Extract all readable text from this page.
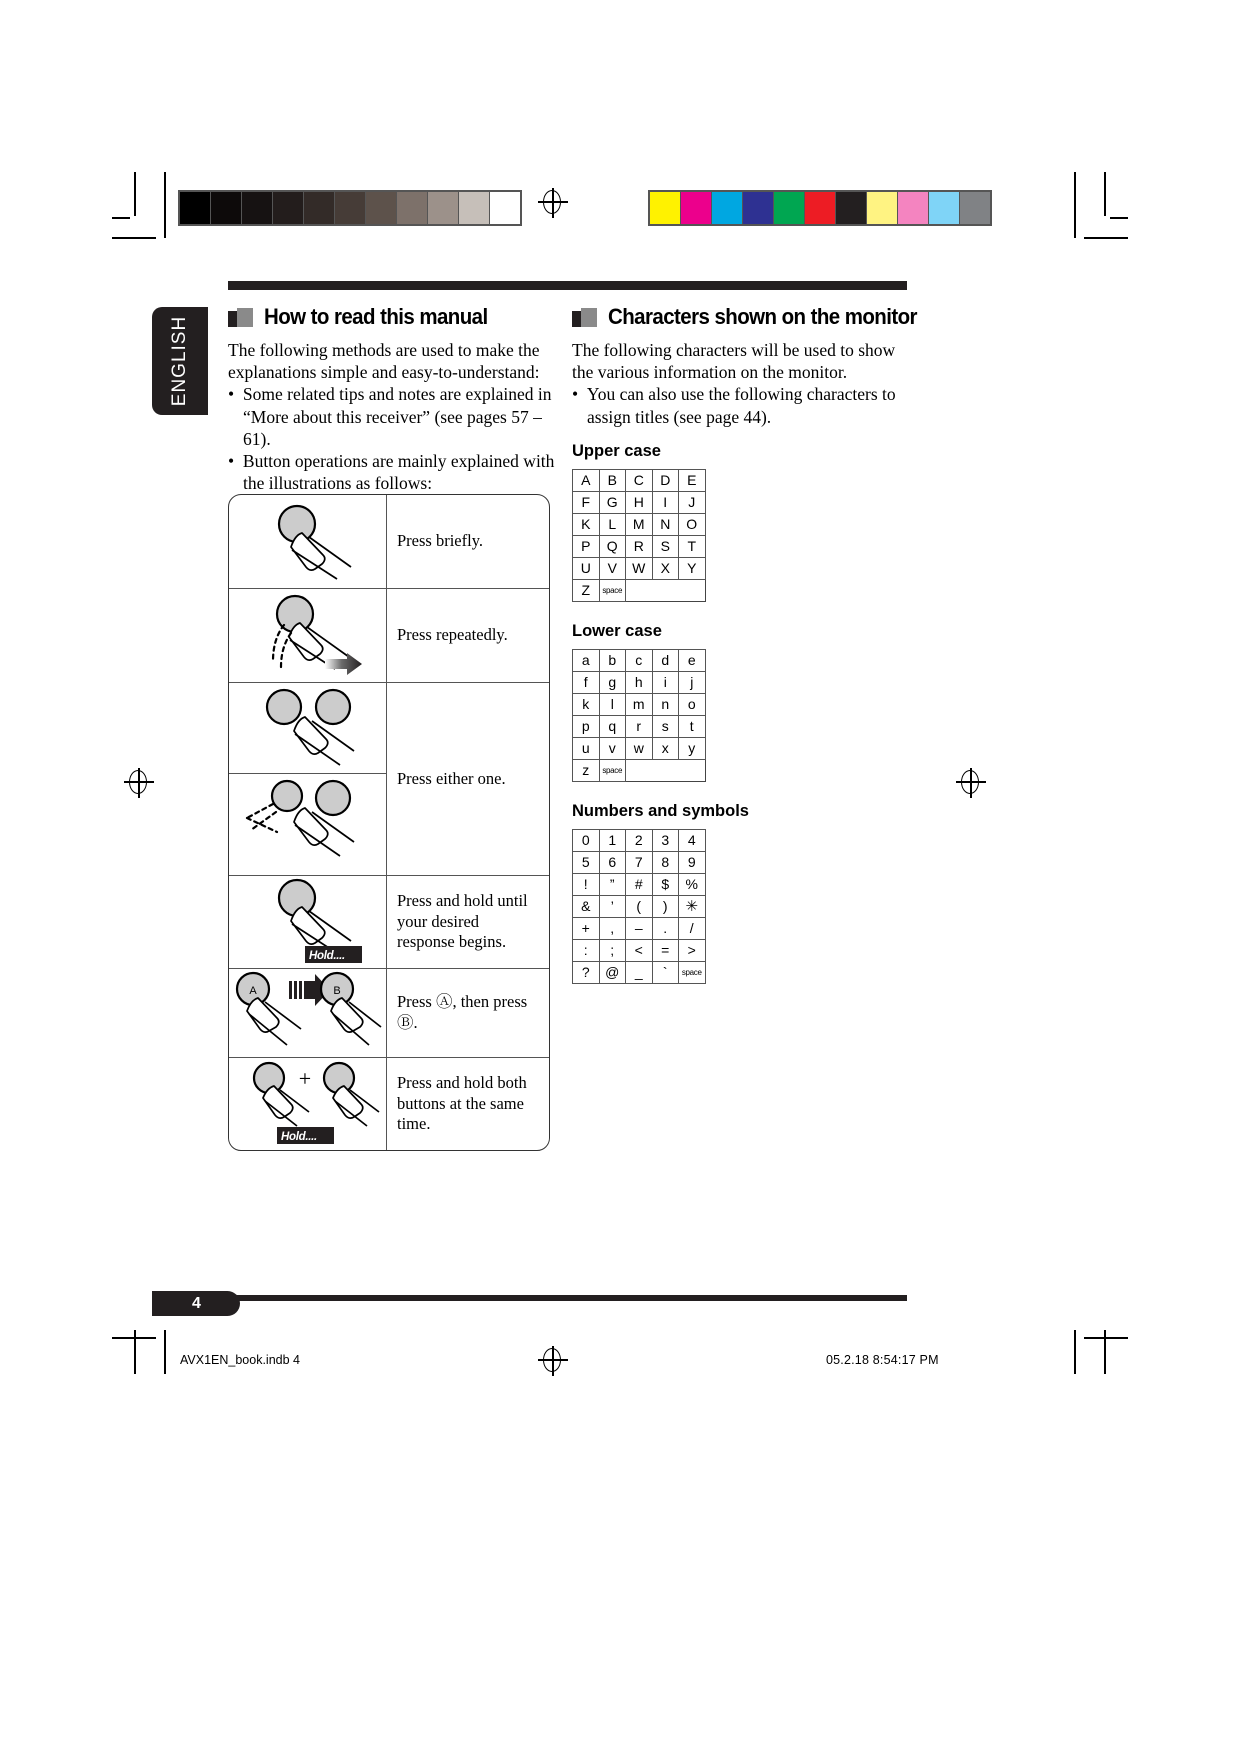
ENGLISH	How to read this manual

The following methods are used to make the explanations simple and easy-to-understand:

•  Some related tips and notes are explained in “More about this receiver” (see pages 57 – 61).
•  Button operations are mainly explained with the illustrations as follows:

Press briefly.

Press repeatedly.

Press either one.

Hold....

Press and hold until your desired response begins.

A	B

Press Ⓐ, then press Ⓑ.

+
Hold....

Press and hold both buttons at the same time.

Characters shown on the monitor

The following characters will be used to show the various information on the monitor.

•  You can also use the following characters to assign titles (see page 44).

Upper case

A	B	C	D	E
F	G	H	I	J
K	L	M	N	O
P	Q	R	S	T
U	V	W	X	Y
Z	space			

Lower case

a	b	c	d	e
f	g	h	i	j
k	l	m	n	o
p	q	r	s	t
u	v	w	x	y
z	space			

Numbers and symbols

0	1	2	3	4
5	6	7	8	9
!	”	#	$	%
&	’	(	)	✳
+	,	–	.	/
:	;	<	=	>
?	@	_	`	space
4
AVX1EN_book.indb 4	05.2.18 8:54:17 PM
